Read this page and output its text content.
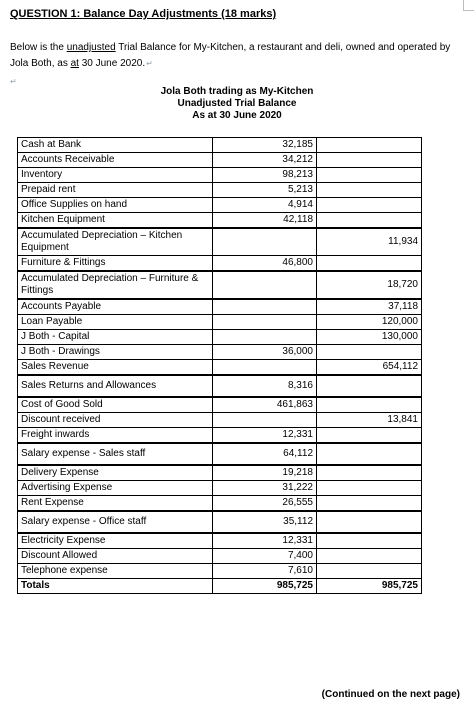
QUESTION 1: Balance Day Adjustments (18 marks)
Below is the unadjusted Trial Balance for My-Kitchen, a restaurant and deli, owned and operated by Jola Both, as at 30 June 2020.↵
↵
Jola Both trading as My-Kitchen
Unadjusted Trial Balance
As at 30 June 2020
Cash at Bank	32,185	
Accounts Receivable	34,212	
Inventory	98,213	
Prepaid rent	5,213	
Office Supplies on hand	4,914	
Kitchen Equipment	42,118	
Accumulated Depreciation – Kitchen Equipment		11,934
Furniture & Fittings	46,800	
Accumulated Depreciation – Furniture & Fittings		18,720
Accounts Payable		37,118
Loan Payable		120,000
J Both - Capital		130,000
J Both - Drawings	36,000	
Sales Revenue		654,112
Sales Returns and Allowances	8,316	
Cost of Good Sold	461,863	
Discount received		13,841
Freight inwards	12,331	
Salary expense - Sales staff	64,112	
Delivery Expense	19,218	
Advertising Expense	31,222	
Rent Expense	26,555	
Salary expense - Office staff	35,112	
Electricity Expense	12,331	
Discount Allowed	7,400	
Telephone expense	7,610	
Totals	985,725	985,725
(Continued on the next page)
